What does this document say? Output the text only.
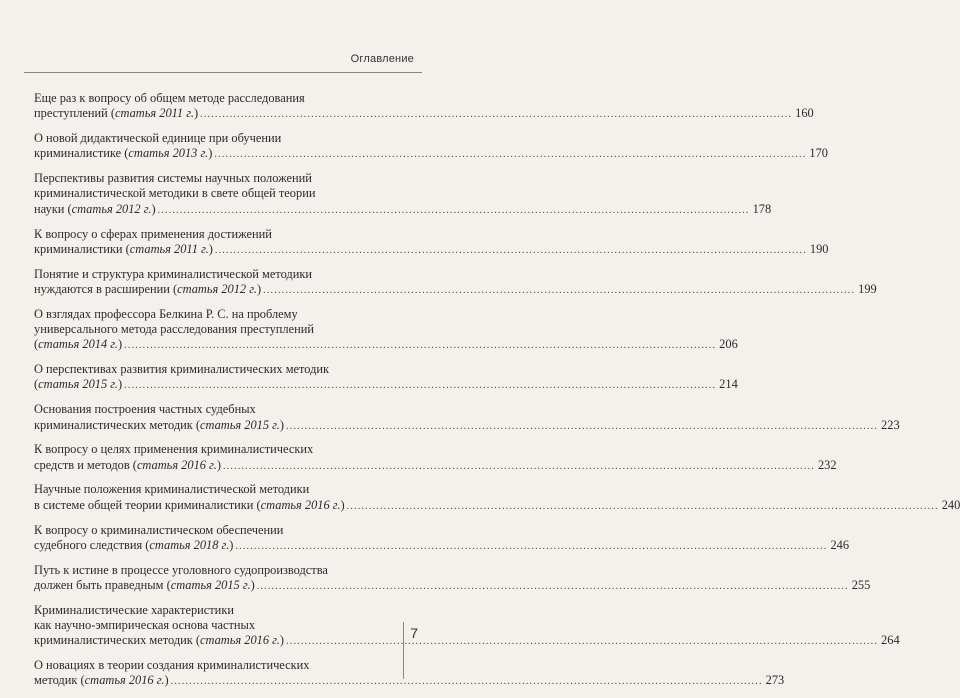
Оглавление
Еще раз к вопросу об общем методе расследования
преступлений (статья 2011 г.) ................................................................................................................................................................ 160
О новой дидактической единице при обучении
криминалистике (статья 2013 г.) ................................................................................................................................................................ 170
Перспективы развития системы научных положений
криминалистической методики в свете общей теории
науки (статья 2012 г.) ................................................................................................................................................................ 178
К вопросу о сферах применения достижений
криминалистики (статья 2011 г.) ................................................................................................................................................................ 190
Понятие и структура криминалистической методики
нуждаются в расширении (статья 2012 г.) ................................................................................................................................................................ 199
О взглядах профессора Белкина Р. С. на проблему
универсального метода расследования преступлений
(статья 2014 г.) ................................................................................................................................................................ 206
О перспективах развития криминалистических методик
(статья 2015 г.) ................................................................................................................................................................ 214
Основания построения частных судебных
криминалистических методик (статья 2015 г.) ................................................................................................................................................................ 223
К вопросу о целях применения криминалистических
средств и методов (статья 2016 г.) ................................................................................................................................................................ 232
Научные положения криминалистической методики
в системе общей теории криминалистики (статья 2016 г.) ................................................................................................................................................................ 240
К вопросу о криминалистическом обеспечении
судебного следствия (статья 2018 г.) ................................................................................................................................................................ 246
Путь к истине в процессе уголовного судопроизводства
должен быть праведным (статья 2015 г.) ................................................................................................................................................................ 255
Криминалистические характеристики
как научно-эмпирическая основа частных
криминалистических методик (статья 2016 г.) ................................................................................................................................................................ 264
О новациях в теории создания криминалистических
методик (статья 2016 г.) ................................................................................................................................................................ 273
7
